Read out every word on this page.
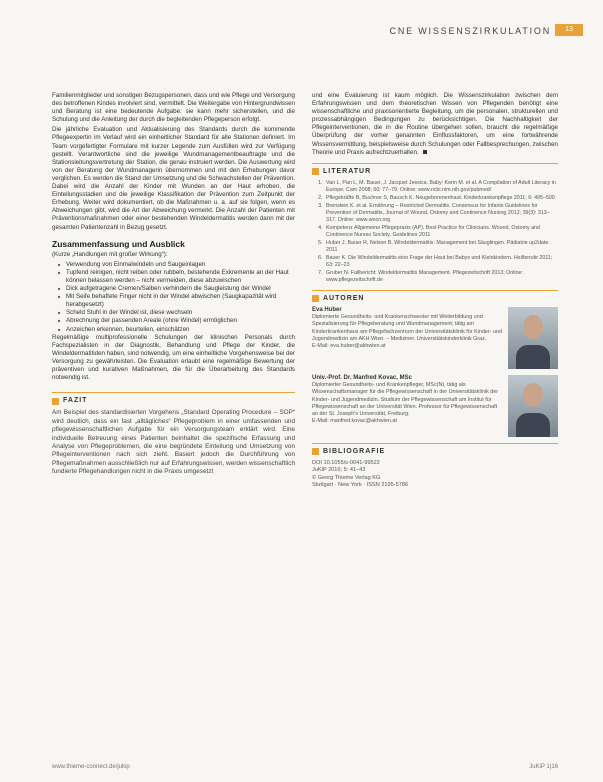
CNE WISSENSZIRKULATION	13

Familienmitglieder und sonstigen Bezugspersonen, dass und wie Pflege und Versorgung des betroffenen Kindes involviert sind, vermittelt. Die Weitergabe von Hintergrundwissen und Beratung ist eine bedeutende Aufgabe: sie kann mehr sicherstellen, und die Schulung und die Anleitung der durch die begleitenden Pflegeperson erfolgt.

Die jährliche Evaluation und Aktualisierung des Standards durch die kommende Pflegeexpertin im Verlauf wird ein einheitlicher Standard für alle Stationen definiert. Im Team vorgefertigter Formulare mit kurzer Legende zum Ausfüllen wird zur Verfügung gestellt. Verantwortliche sind die jeweilige Wundmanagementbeauftragte und die Stationsleitungsvertretung der Station, die genau instruiert werden. Die Auswertung wird von der Beratung der Wundmanagerin übernommen und mit den Erhebungen davor verglichen. Es werden die Stand der Umsetzung und die Schwachstellen der Prävention. Dabei wird die Anzahl der Kinder mit Wunden an der Haut erhoben, die Einteilungsstadien und die jeweilige Klassifikation der Prävention zum Zeitpunkt der Erhebung. Weiter wird dokumentiert, ob die Maßnahmen u. a. auf sie folgen, wenn es Abweichungen gibt, wird die Art der Abweichung vermerkt. Die Anzahl der Patienten mit Präventionsmaßnahmen oder einer bestehenden Windeldermatitis werden dann mit der gesamten Patientenzahl in Bezug gesetzt.

Zusammenfassung und Ausblick

(Kurze „Handlungen mit großer Wirkung“):

■ Verwendung von Einmalwindeln und Saugeinlagen
■ Tupfend reinigen, nicht reiben oder rubbeln, bestehende Exkremente an der Haut können belassen werden – nicht vermeiden, diese abzuwischen
■ Dick aufgetragene Cremen/Salben verhindern die Saugleistung der Windel
■ Mit Seife behaftete Finger nicht in der Windel abwischen (Saugkapazität wird herabgesetzt)
■ Scheld Stuhl in der Windel ist, diese wechseln
■ Abrechnung der passenden Areale (ohne Windel) ermöglichen
■ Anzeichen erkennen, beurteilen, einschätzen

Regelmäßige multiprofessionelle Schulungen der klinischen Personals durch Fachspezialisten in der Diagnostik, Behandlung und Pflege der Kinder, die Windeldermatitiden haben, sind notwendig, um eine einheitliche Vorgehensweise bei der Versorgung zu gewährleisten. Die Evaluation erlaubt eine regelmäßige Bewertung der präventiven und kurativen Maßnahmen, die für die Überarbeitung des Standards notwendig ist.

FAZIT

Am Beispiel des standardisierten Vorgehens „Standard Operating Procedure – SOP“ wird deutlich, dass ein fast „alltägliches“ Pflegeproblem in einer umfassenden und pflegewissenschaftlichen Aufgabe für ein Versorgungsteam erklärt wird. Eine individuelle Betreuung eines Patienten beinhaltet die spezifische Erfassung und Analyse von Pflegeproblemen, die eine begründete Einteilung und Umsetzung von Pflegeinterventionen nach sich zieht. Basiert jedoch die Durchführung von Pflegemaßnahmen ausschließlich nur auf Erfahrungswissen, werden wissenschaftlich fundierte Pflegehandlungen nicht in die Praxis umgesetzt

und eine Evaluierung ist kaum möglich. Die Wissenszirkulation zwischen dem Erfahrungswissen und dem theoretischen Wissen von Pflegenden benötigt eine wissenschaftliche und praxisorientierte Begleitung, um die personalen, strukturellen und prozessabhängigen Bedingungen zu berücksichtigen. Die Nachhaltigkeit der Pflegeinterventionen, die in die Routine übergehen sollen, braucht die regelmäßige Überprüfung der vorher genannten Einflussfaktoren, um eine fortwährende Wissensvermittlung, beispielsweise durch Schulungen oder Fallbesprechungen, zwischen Theorie und Praxis aufrechtzuerhalten.

LITERATUR
1. Van L, Pan L, M. Bauer, J. Jacquet Jessica. Baby: Kerin M. et al. A Compilation of Adult Literacy in Europe, Cam 2008; 60: 77–79. Online: www.ncbi.nlm.nih.gov/pubmed/
2. Pflegekräfte B, Buchner S, Bausch K. Neugeborenenhaut. Kinderkrankenpflege 2011; 6: 495–500
3. Brenstein K. et al. Ernährung – Restricted Dermatitis. Consensus for Infants Guidelines for Prevention of Dermatitis, Journal of Wound, Ostomy and Continence Nursing 2012; 39(3): 313–317. Online: www.wocn.org
4. Kompetenz Allgemeine Pflegepraxis (AP). Best Practice for Clinicians. Wound, Ostomy and Continence Nurses Society. Guidelines 2011
5. Huber J, Bauer R, Nelson B. Windeldermatitis: Management bei Säuglingen. Pädiatrie up2date. 2011
6. Bauer K. Die Windeldermatitis eine Frage der Haut bei Babys und Kleinkindern. Heilberufe 2011; 63: 22–23
7. Gruber N. Fallbericht: Windeldermatitis Management. Pflegezeitschrift 2013; Online: www.pflegezeitschrift.de
AUTOREN
Eva Huber
Diplomierte Gesundheits- und Krankenschwester mit Weiterbildung und Spezialisierung für Pflegeberatung und Wundmanagement; tätig am Kinderkrankenhaus am Pflegefachzentrum der Universitätsklinik für Kinder- und Jugendmedizin am AKH Wien. – Mediziner. Universitätskinderklinik Graz.
E-Mail: eva.huber@akhwien.at
Univ.-Prof. Dr. Manfred Kovac, MSc
Diplomierter Gesundheits- und Krankenpfleger, MSc(N), tätig als Wissenschaftsmanager für die Pflegewissenschaft in der Universitätsklinik der Kinder- und Jugendmedizin. Studium der Pflegewissenschaft am Institut für Pflegewissenschaft an der Universität Wien. Professor für Pflegewissenschaft an der St. Joseph's Universität, Freiburg.
E-Mail: manfred.kovac@akhwien.at
BIBLIOGRAFIE
DOI 10.1055/s-0041-99522
JuKiP 2016; 5: 41–43
© Georg Thieme Verlag KG
Stuttgart · New York · ISSN 2195-5786
www.thieme-connect.de/jukip	JuKiP 1|16
